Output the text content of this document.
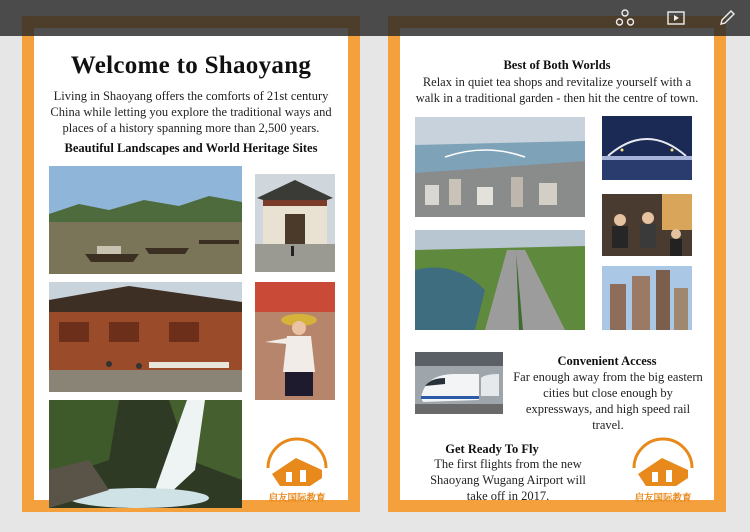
Welcome to Shaoyang
Living in Shaoyang offers the comforts of 21st century China while letting you explore the traditional ways and places of a history spanning more than 2,500 years.
Beautiful Landscapes and World Heritage Sites
启友国际教育
Best of Both Worlds
Relax in quiet tea shops and revitalize yourself with a walk in a traditional garden - then hit the centre of town.
Convenient Access
Far enough away from the big eastern cities but close enough by expressways, and high speed rail travel.
Get Ready To Fly
The first flights from the new Shaoyang Wugang Airport will take off in 2017.	启友国际教育
